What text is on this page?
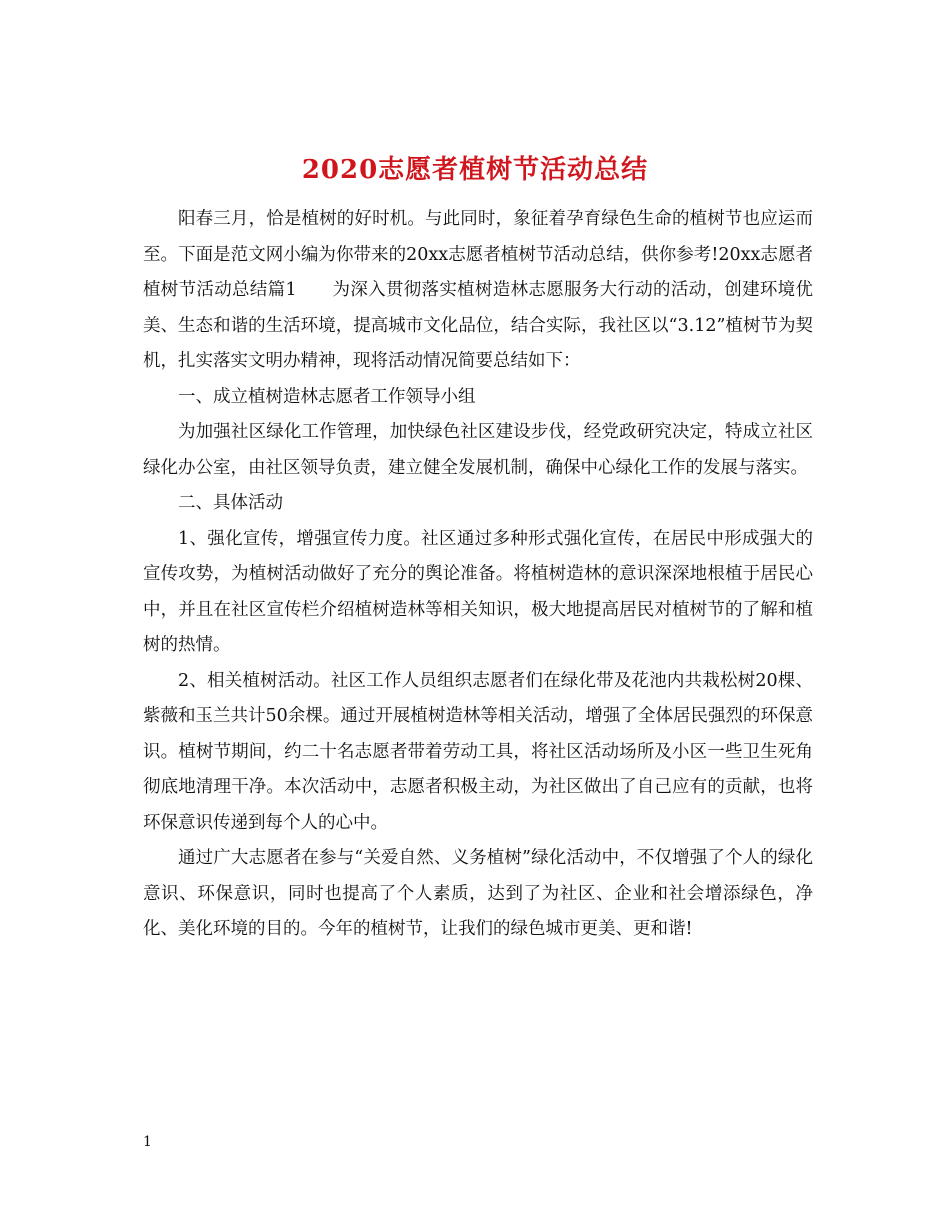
2020志愿者植树节活动总结

阳春三月，恰是植树的好时机。与此同时，象征着孕育绿色生命的植树节也应运而至。下面是范文网小编为你带来的20xx志愿者植树节活动总结，供你参考!20xx志愿者植树节活动总结篇1　　为深入贯彻落实植树造林志愿服务大行动的活动，创建环境优美、生态和谐的生活环境，提高城市文化品位，结合实际，我社区以“3.12”植树节为契机，扎实落实文明办精神，现将活动情况简要总结如下：

一、成立植树造林志愿者工作领导小组

为加强社区绿化工作管理，加快绿色社区建设步伐，经党政研究决定，特成立社区绿化办公室，由社区领导负责，建立健全发展机制，确保中心绿化工作的发展与落实。

二、具体活动

1、强化宣传，增强宣传力度。社区通过多种形式强化宣传，在居民中形成强大的宣传攻势，为植树活动做好了充分的舆论准备。将植树造林的意识深深地根植于居民心中，并且在社区宣传栏介绍植树造林等相关知识，极大地提高居民对植树节的了解和植树的热情。

2、相关植树活动。社区工作人员组织志愿者们在绿化带及花池内共栽松树20棵、紫薇和玉兰共计50余棵。通过开展植树造林等相关活动，增强了全体居民强烈的环保意识。植树节期间，约二十名志愿者带着劳动工具，将社区活动场所及小区一些卫生死角彻底地清理干净。本次活动中，志愿者积极主动，为社区做出了自己应有的贡献，也将环保意识传递到每个人的心中。

通过广大志愿者在参与“关爱自然、义务植树”绿化活动中，不仅增强了个人的绿化意识、环保意识，同时也提高了个人素质，达到了为社区、企业和社会增添绿色，净化、美化环境的目的。今年的植树节，让我们的绿色城市更美、更和谐!

1
